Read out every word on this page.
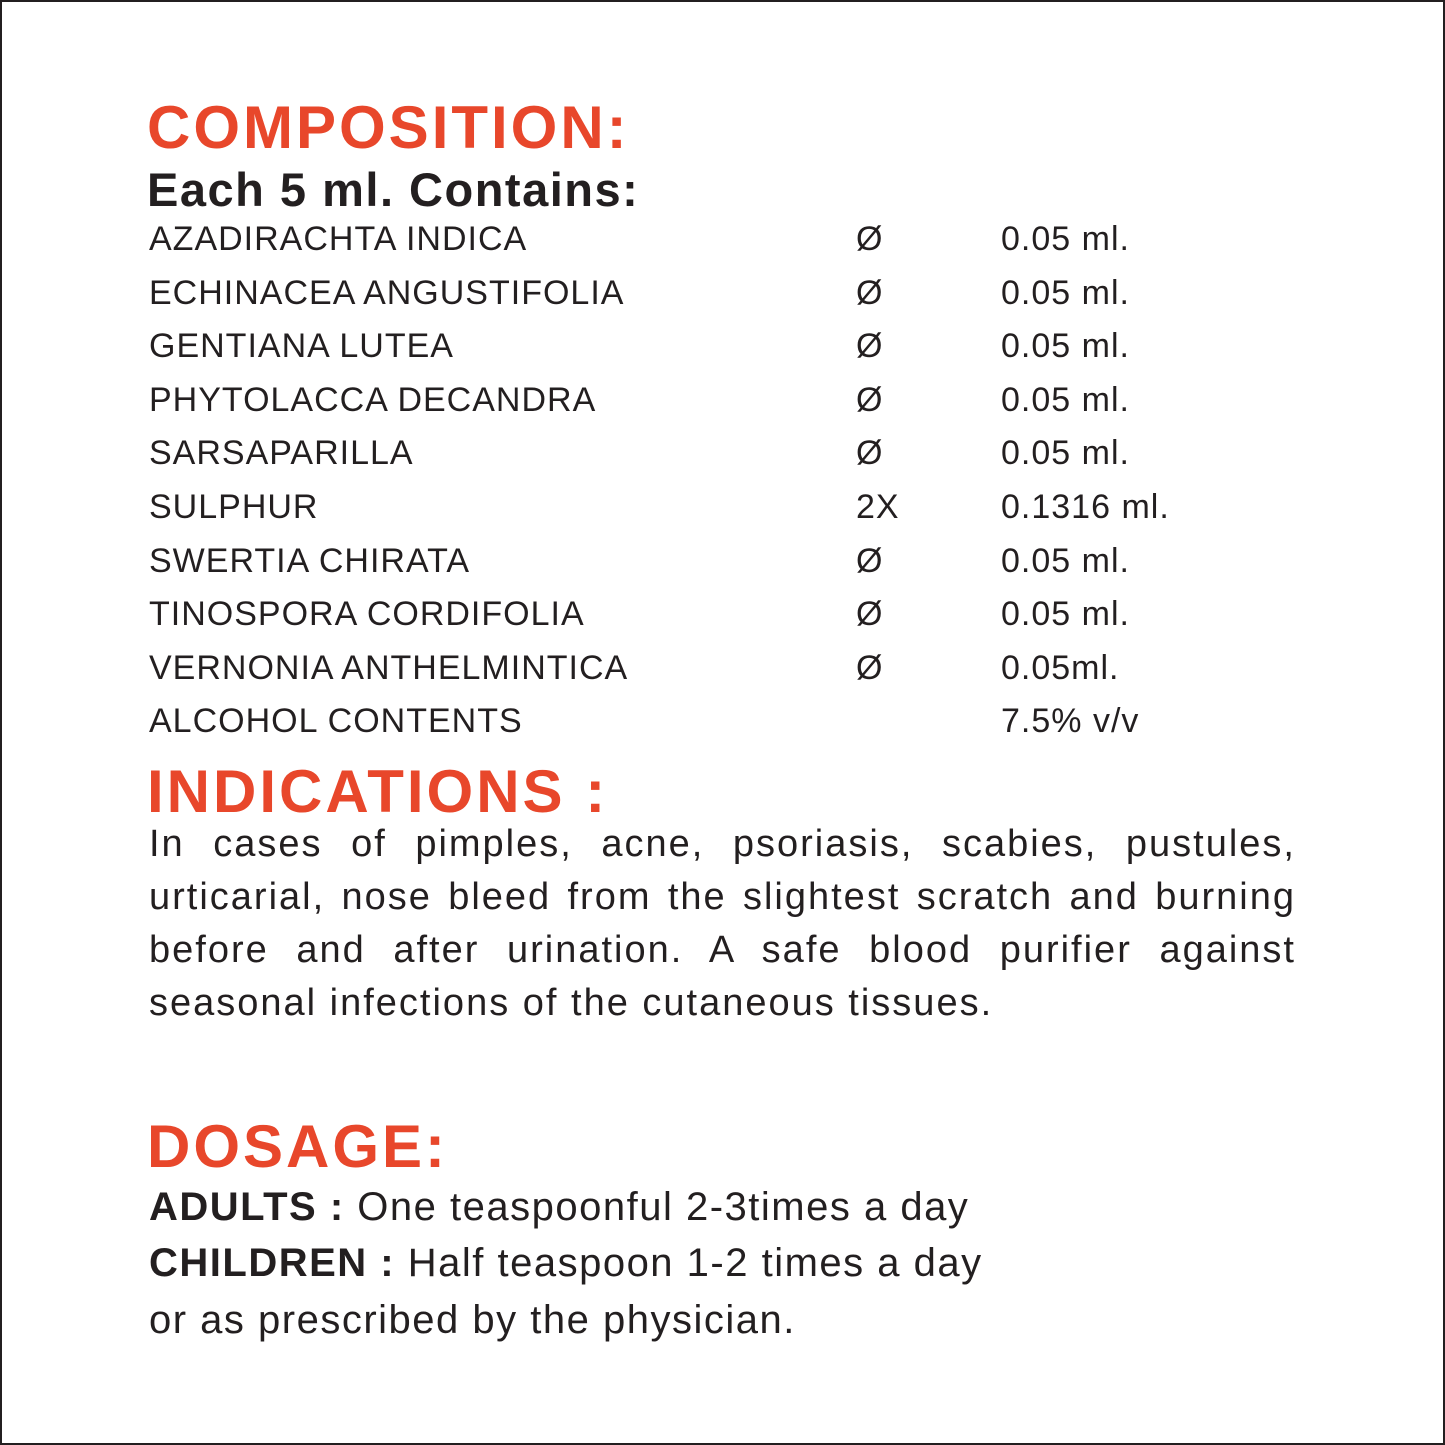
COMPOSITION:
Each 5 ml. Contains:
AZADIRACHTA INDICA	Ø	0.05 ml.
ECHINACEA ANGUSTIFOLIA	Ø	0.05 ml.
GENTIANA LUTEA	Ø	0.05 ml.
PHYTOLACCA DECANDRA	Ø	0.05 ml.
SARSAPARILLA	Ø	0.05 ml.
SULPHUR	2X	0.1316 ml.
SWERTIA CHIRATA	Ø	0.05 ml.
TINOSPORA CORDIFOLIA	Ø	0.05 ml.
VERNONIA ANTHELMINTICA	Ø	0.05ml.
ALCOHOL CONTENTS	7.5% v/v
INDICATIONS :

In cases of pimples, acne, psoriasis, scabies, pustules, urticarial, nose bleed from the slightest scratch and burning before and after urination. A safe blood purifier against seasonal infections of the cutaneous tissues.

DOSAGE:

ADULTS : One teaspoonful 2-3times a day

CHILDREN : Half teaspoon 1-2 times a day

or as prescribed by the physician.
